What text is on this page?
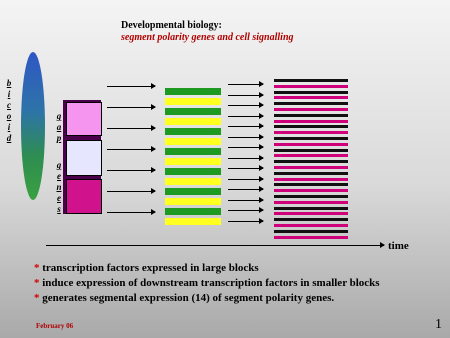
Developmental biology:
segment polarity genes and cell signalling
b
i
c
o
i
d
g
a
p
g
e
n
e
s
time
* transcription factors expressed in large blocks
* induce expression of downstream transcription factors in smaller blocks
* generates segmental expression (14) of segment polarity genes.
February 06	1
